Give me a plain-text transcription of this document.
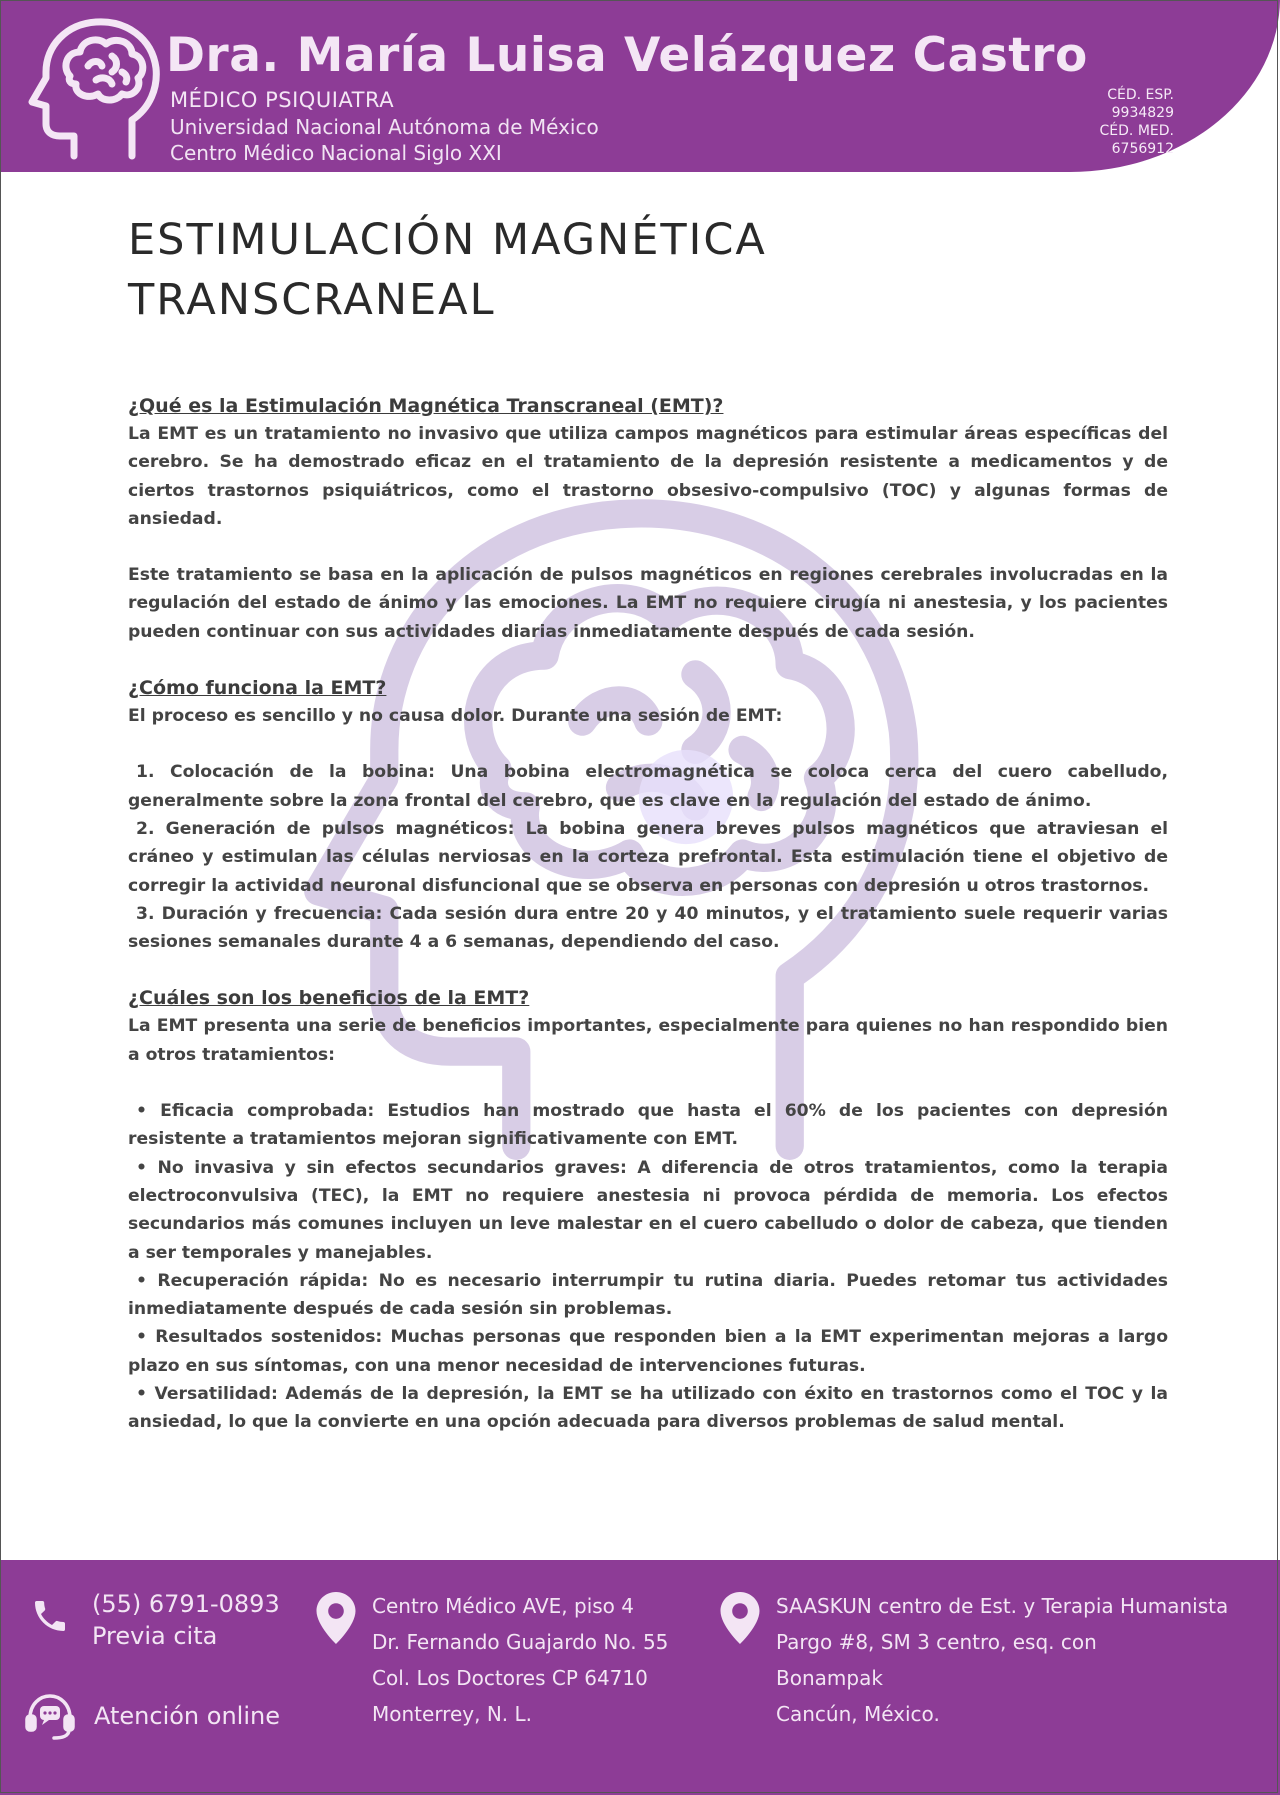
Dra. María Luisa Velázquez Castro
MÉDICO PSIQUIATRA
Universidad Nacional Autónoma de México
Centro Médico Nacional Siglo XXI
CÉD. ESP.
9934829
CÉD. MED.
6756912
ESTIMULACIÓN MAGNÉTICA
TRANSCRANEAL

¿Qué es la Estimulación Magnética Transcraneal (EMT)?

La EMT es un tratamiento no invasivo que utiliza campos magnéticos para estimular áreas específicas del cerebro. Se ha demostrado eficaz en el tratamiento de la depresión resistente a medicamentos y de ciertos trastornos psiquiátricos, como el trastorno obsesivo-compulsivo (TOC) y algunas formas de ansiedad.

Este tratamiento se basa en la aplicación de pulsos magnéticos en regiones cerebrales involucradas en la regulación del estado de ánimo y las emociones. La EMT no requiere cirugía ni anestesia, y los pacientes pueden continuar con sus actividades diarias inmediatamente después de cada sesión.

¿Cómo funciona la EMT?

El proceso es sencillo y no causa dolor. Durante una sesión de EMT:

1. Colocación de la bobina: Una bobina electromagnética se coloca cerca del cuero cabelludo, generalmente sobre la zona frontal del cerebro, que es clave en la regulación del estado de ánimo.

2. Generación de pulsos magnéticos: La bobina genera breves pulsos magnéticos que atraviesan el cráneo y estimulan las células nerviosas en la corteza prefrontal. Esta estimulación tiene el objetivo de corregir la actividad neuronal disfuncional que se observa en personas con depresión u otros trastornos.

3. Duración y frecuencia: Cada sesión dura entre 20 y 40 minutos, y el tratamiento suele requerir varias sesiones semanales durante 4 a 6 semanas, dependiendo del caso.

¿Cuáles son los beneficios de la EMT?

La EMT presenta una serie de beneficios importantes, especialmente para quienes no han respondido bien a otros tratamientos:

• Eficacia comprobada: Estudios han mostrado que hasta el 60% de los pacientes con depresión resistente a tratamientos mejoran significativamente con EMT.

• No invasiva y sin efectos secundarios graves: A diferencia de otros tratamientos, como la terapia electroconvulsiva (TEC), la EMT no requiere anestesia ni provoca pérdida de memoria. Los efectos secundarios más comunes incluyen un leve malestar en el cuero cabelludo o dolor de cabeza, que tienden a ser temporales y manejables.

• Recuperación rápida: No es necesario interrumpir tu rutina diaria. Puedes retomar tus actividades inmediatamente después de cada sesión sin problemas.

• Resultados sostenidos: Muchas personas que responden bien a la EMT experimentan mejoras a largo plazo en sus síntomas, con una menor necesidad de intervenciones futuras.

• Versatilidad: Además de la depresión, la EMT se ha utilizado con éxito en trastornos como el TOC y la ansiedad, lo que la convierte en una opción adecuada para diversos problemas de salud mental.

(55) 6791-0893
Previa cita
Atención online
Centro Médico AVE, piso 4
Dr. Fernando Guajardo No. 55
Col. Los Doctores CP 64710
Monterrey, N. L.
SAASKUN centro de Est. y Terapia Humanista
Pargo #8, SM 3 centro, esq. con
Bonampak
Cancún, México.
